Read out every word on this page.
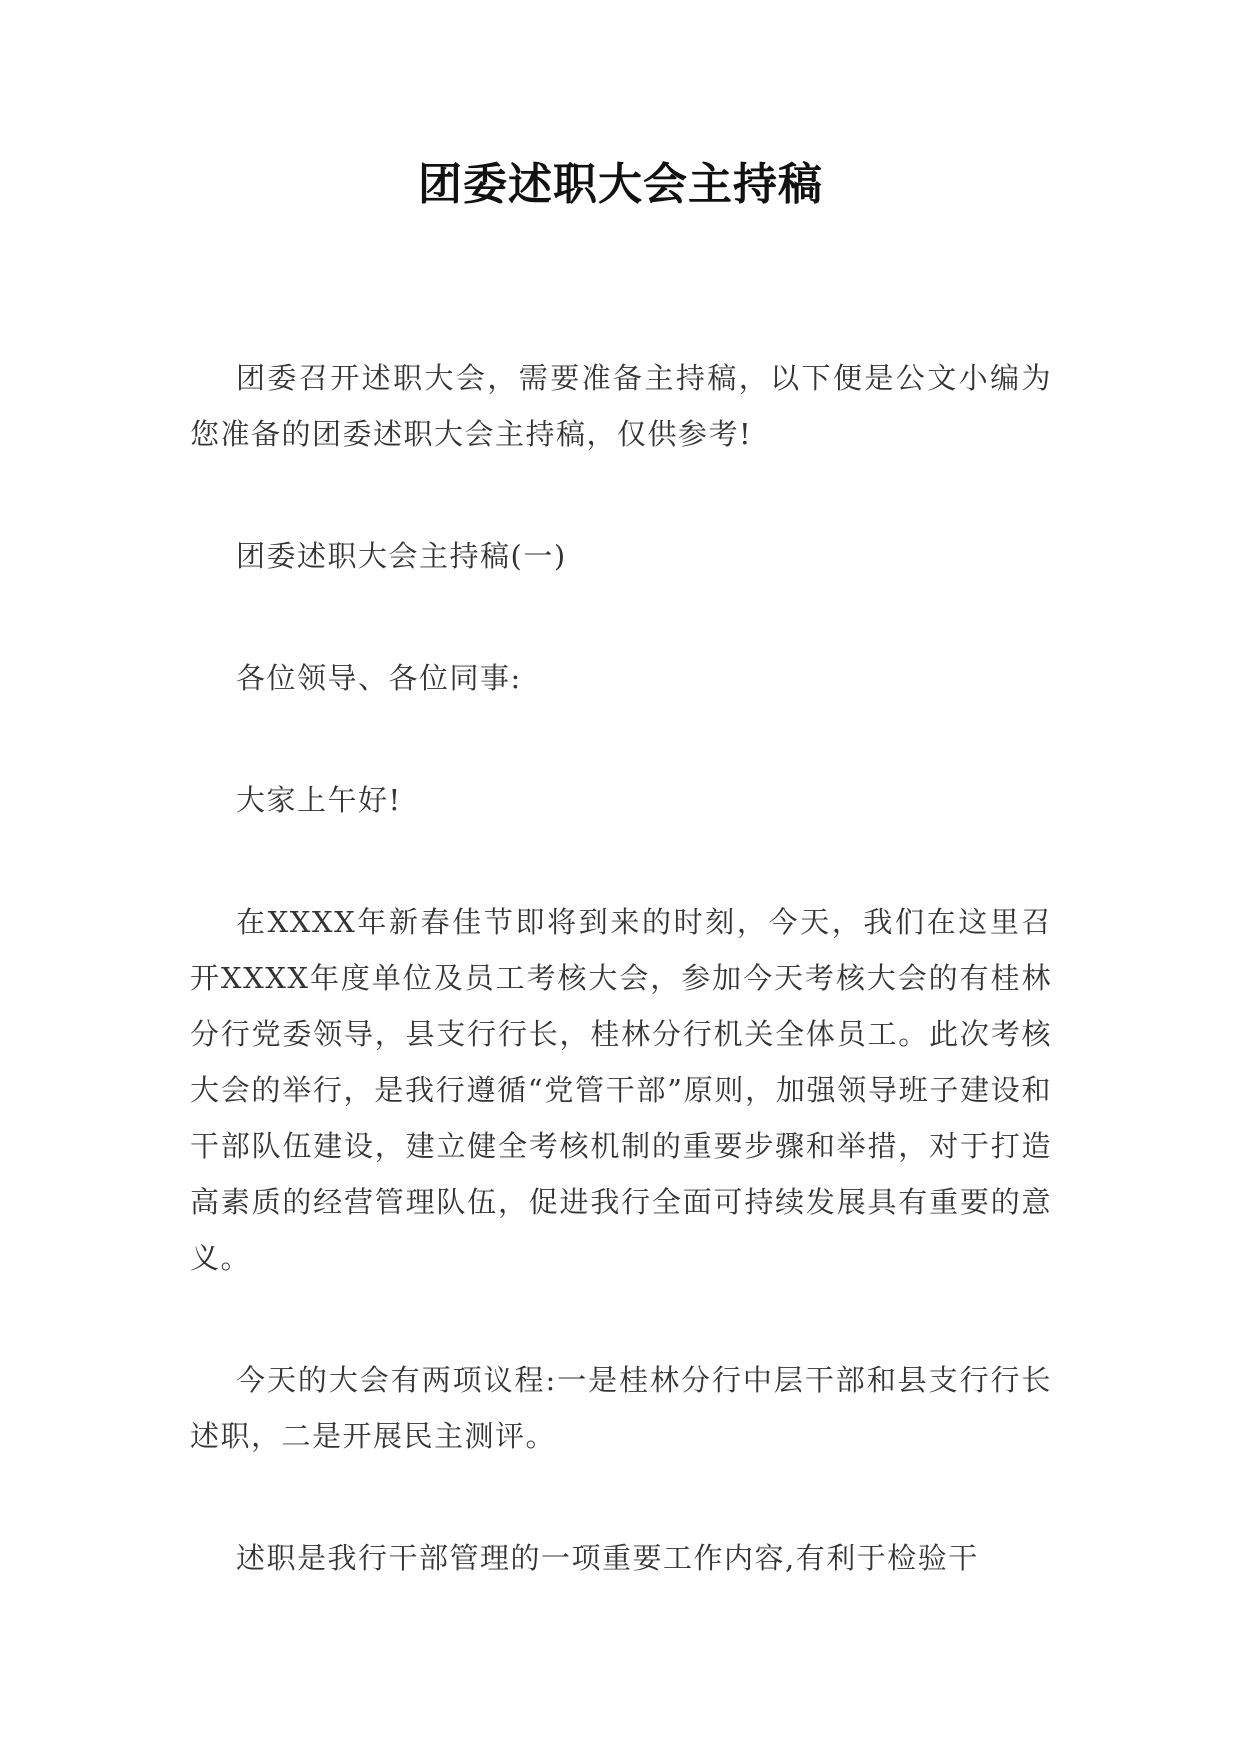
团委述职大会主持稿

团委召开述职大会，需要准备主持稿，以下便是公文小编为您准备的团委述职大会主持稿，仅供参考!

团委述职大会主持稿(一)

各位领导、各位同事:

大家上午好!

在XXXX年新春佳节即将到来的时刻，今天，我们在这里召开XXXX年度单位及员工考核大会，参加今天考核大会的有桂林分行党委领导，县支行行长，桂林分行机关全体员工。此次考核大会的举行，是我行遵循“党管干部”原则，加强领导班子建设和干部队伍建设，建立健全考核机制的重要步骤和举措，对于打造高素质的经营管理队伍，促进我行全面可持续发展具有重要的意义。

今天的大会有两项议程:一是桂林分行中层干部和县支行行长述职，二是开展民主测评。

述职是我行干部管理的一项重要工作内容,有利于检验干
